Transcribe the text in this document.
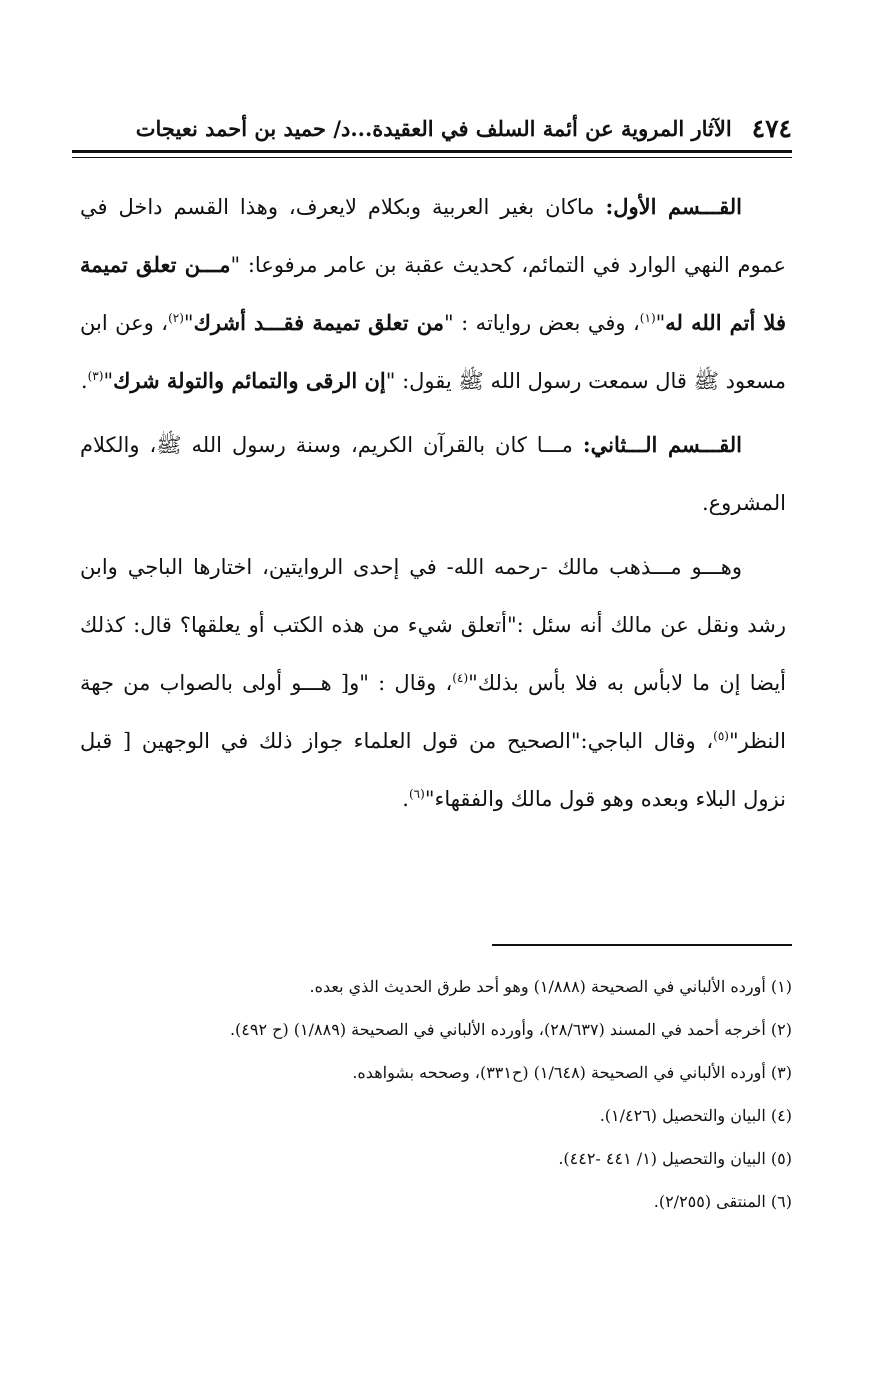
٤٧٤
الآثار المروية عن أئمة السلف في العقيدة...د/ حميد بن أحمد نعيجات

القـــسم الأول: ماكان بغير العربية وبكلام لايعرف، وهذا القسم داخل في عموم النهي الوارد في التمائم، كحديث عقبة بن عامر مرفوعا: "مـــن تعلق تميمة فلا أتم الله له"$^{(١)}$، وفي بعض رواياته : "من تعلق تميمة فقـــد أشرك"$^{(٢)}$، وعن ابن مسعود ﷺ قال سمعت رسول الله ﷺ يقول: "إن الرقى والتمائم والتولة شرك"$^{(٣)}$.

القـــسم الـــثاني: مـــا كان بالقرآن الكريم، وسنة رسول الله ﷺ، والكلام المشروع.

وهـــو مـــذهب مالك -رحمه الله- في إحدى الروايتين، اختارها الباجي وابن رشد ونقل عن مالك أنه سئل :"أتعلق شيء من هذه الكتب أو يعلقها؟ قال: كذلك أيضا إن ما لابأس به فلا بأس بذلك"$^{(٤)}$، وقال : "و[ هـــو أولى بالصواب من جهة النظر"$^{(٥)}$، وقال الباجي:"الصحيح من قول العلماء جواز ذلك في الوجهين [ قبل نزول البلاء وبعده وهو قول مالك والفقهاء"$^{(٦)}$.

(١) أورده الألباني في الصحيحة (١/٨٨٨) وهو أحد طرق الحديث الذي بعده.

(٢) أخرجه أحمد في المسند (٢٨/٦٣٧)، وأورده الألباني في الصحيحة (١/٨٨٩) (ح ٤٩٢).

(٣) أورده الألباني في الصحيحة (١/٦٤٨) (ح٣٣١)، وصححه بشواهده.

(٤) البيان والتحصيل (١/٤٢٦).

(٥) البيان والتحصيل (١/ ٤٤١ -٤٤٢).

(٦) المنتقى (٢/٢٥٥).
